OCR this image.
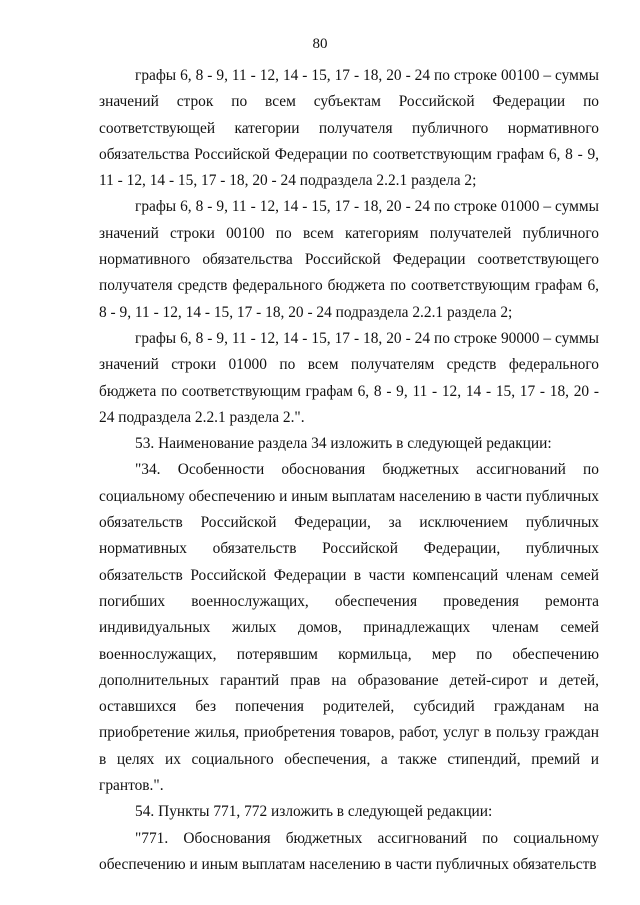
80

графы 6, 8 - 9, 11 - 12, 14 - 15, 17 - 18, 20 - 24 по строке 00100 – суммы значений строк по всем субъектам Российской Федерации по соответствующей категории получателя публичного нормативного обязательства Российской Федерации по соответствующим графам 6, 8 - 9, 11 - 12, 14 - 15, 17 - 18, 20 - 24 подраздела 2.2.1 раздела 2;

графы 6, 8 - 9, 11 - 12, 14 - 15, 17 - 18, 20 - 24 по строке 01000 – суммы значений строки 00100 по всем категориям получателей публичного нормативного обязательства Российской Федерации соответствующего получателя средств федерального бюджета по соответствующим графам 6, 8 - 9, 11 - 12, 14 - 15, 17 - 18, 20 - 24 подраздела 2.2.1 раздела 2;

графы 6, 8 - 9, 11 - 12, 14 - 15, 17 - 18, 20 - 24 по строке 90000 – суммы значений строки 01000 по всем получателям средств федерального бюджета по соответствующим графам 6, 8 - 9, 11 - 12, 14 - 15, 17 - 18, 20 - 24 подраздела 2.2.1 раздела 2.".

53. Наименование раздела 34 изложить в следующей редакции:

"34. Особенности обоснования бюджетных ассигнований по социальному обеспечению и иным выплатам населению в части публичных обязательств Российской Федерации, за исключением публичных нормативных обязательств Российской Федерации, публичных обязательств Российской Федерации в части компенсаций членам семей погибших военнослужащих, обеспечения проведения ремонта индивидуальных жилых домов, принадлежащих членам семей военнослужащих, потерявшим кормильца, мер по обеспечению дополнительных гарантий прав на образование детей-сирот и детей, оставшихся без попечения родителей, субсидий гражданам на приобретение жилья, приобретения товаров, работ, услуг в пользу граждан в целях их социального обеспечения, а также стипендий, премий и грантов.".

54. Пункты 771, 772 изложить в следующей редакции:

"771. Обоснования бюджетных ассигнований по социальному обеспечению и иным выплатам населению в части публичных обязательств
